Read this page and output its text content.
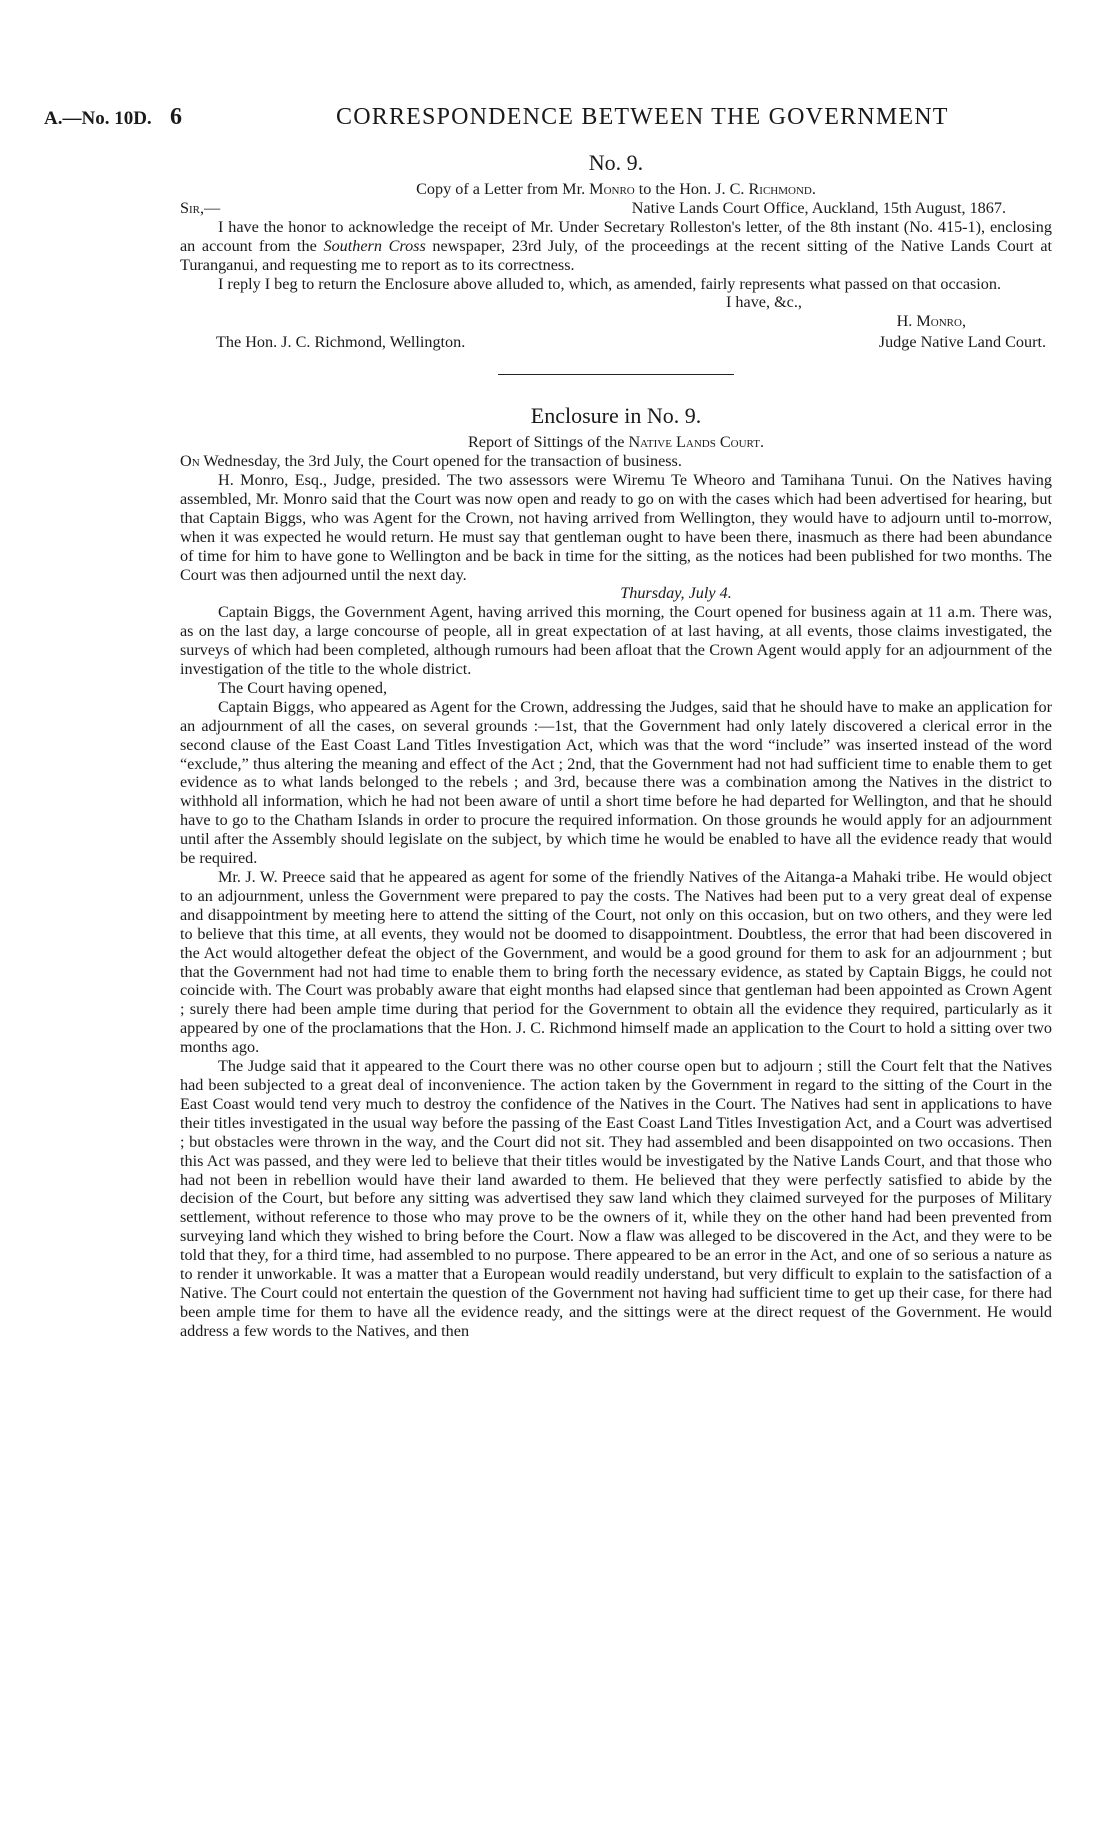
A.—No. 10D. 6	CORRESPONDENCE BETWEEN THE GOVERNMENT
No. 9.

Copy of a Letter from Mr. Monro to the Hon. J. C. Richmond.

Sir,—	Native Lands Court Office, Auckland, 15th August, 1867.

I have the honor to acknowledge the receipt of Mr. Under Secretary Rolleston's letter, of the 8th instant (No. 415-1), enclosing an account from the Southern Cross newspaper, 23rd July, of the proceedings at the recent sitting of the Native Lands Court at Turanganui, and requesting me to report as to its correctness.

I reply I beg to return the Enclosure above alluded to, which, as amended, fairly represents what passed on that occasion.

I have, &c.,
H. Monro,
The Hon. J. C. Richmond, Wellington.	Judge Native Land Court.
Enclosure in No. 9.

Report of Sittings of the Native Lands Court.

On Wednesday, the 3rd July, the Court opened for the transaction of business.

H. Monro, Esq., Judge, presided. The two assessors were Wiremu Te Wheoro and Tamihana Tunui. On the Natives having assembled, Mr. Monro said that the Court was now open and ready to go on with the cases which had been advertised for hearing, but that Captain Biggs, who was Agent for the Crown, not having arrived from Wellington, they would have to adjourn until to-morrow, when it was expected he would return. He must say that gentleman ought to have been there, inasmuch as there had been abundance of time for him to have gone to Wellington and be back in time for the sitting, as the notices had been published for two months. The Court was then adjourned until the next day.

Thursday, July 4.

Captain Biggs, the Government Agent, having arrived this morning, the Court opened for business again at 11 a.m. There was, as on the last day, a large concourse of people, all in great expectation of at last having, at all events, those claims investigated, the surveys of which had been completed, although rumours had been afloat that the Crown Agent would apply for an adjournment of the investigation of the title to the whole district.

The Court having opened,

Captain Biggs, who appeared as Agent for the Crown, addressing the Judges, said that he should have to make an application for an adjournment of all the cases, on several grounds :—1st, that the Government had only lately discovered a clerical error in the second clause of the East Coast Land Titles Investigation Act, which was that the word “include” was inserted instead of the word “exclude,” thus altering the meaning and effect of the Act ; 2nd, that the Government had not had sufficient time to enable them to get evidence as to what lands belonged to the rebels ; and 3rd, because there was a combination among the Natives in the district to withhold all information, which he had not been aware of until a short time before he had departed for Wellington, and that he should have to go to the Chatham Islands in order to procure the required information. On those grounds he would apply for an adjournment until after the Assembly should legislate on the subject, by which time he would be enabled to have all the evidence ready that would be required.

Mr. J. W. Preece said that he appeared as agent for some of the friendly Natives of the Aitanga-a Mahaki tribe. He would object to an adjournment, unless the Government were prepared to pay the costs. The Natives had been put to a very great deal of expense and disappointment by meeting here to attend the sitting of the Court, not only on this occasion, but on two others, and they were led to believe that this time, at all events, they would not be doomed to disappointment. Doubtless, the error that had been discovered in the Act would altogether defeat the object of the Government, and would be a good ground for them to ask for an adjournment ; but that the Government had not had time to enable them to bring forth the necessary evidence, as stated by Captain Biggs, he could not coincide with. The Court was probably aware that eight months had elapsed since that gentleman had been appointed as Crown Agent ; surely there had been ample time during that period for the Government to obtain all the evidence they required, particularly as it appeared by one of the proclamations that the Hon. J. C. Richmond himself made an application to the Court to hold a sitting over two months ago.

The Judge said that it appeared to the Court there was no other course open but to adjourn ; still the Court felt that the Natives had been subjected to a great deal of inconvenience. The action taken by the Government in regard to the sitting of the Court in the East Coast would tend very much to destroy the confidence of the Natives in the Court. The Natives had sent in applications to have their titles investigated in the usual way before the passing of the East Coast Land Titles Investigation Act, and a Court was advertised ; but obstacles were thrown in the way, and the Court did not sit. They had assembled and been disappointed on two occasions. Then this Act was passed, and they were led to believe that their titles would be investigated by the Native Lands Court, and that those who had not been in rebellion would have their land awarded to them. He believed that they were perfectly satisfied to abide by the decision of the Court, but before any sitting was advertised they saw land which they claimed surveyed for the purposes of Military settlement, without reference to those who may prove to be the owners of it, while they on the other hand had been prevented from surveying land which they wished to bring before the Court. Now a flaw was alleged to be discovered in the Act, and they were to be told that they, for a third time, had assembled to no purpose. There appeared to be an error in the Act, and one of so serious a nature as to render it unworkable. It was a matter that a European would readily understand, but very difficult to explain to the satisfaction of a Native. The Court could not entertain the question of the Government not having had sufficient time to get up their case, for there had been ample time for them to have all the evidence ready, and the sittings were at the direct request of the Government. He would address a few words to the Natives, and then
